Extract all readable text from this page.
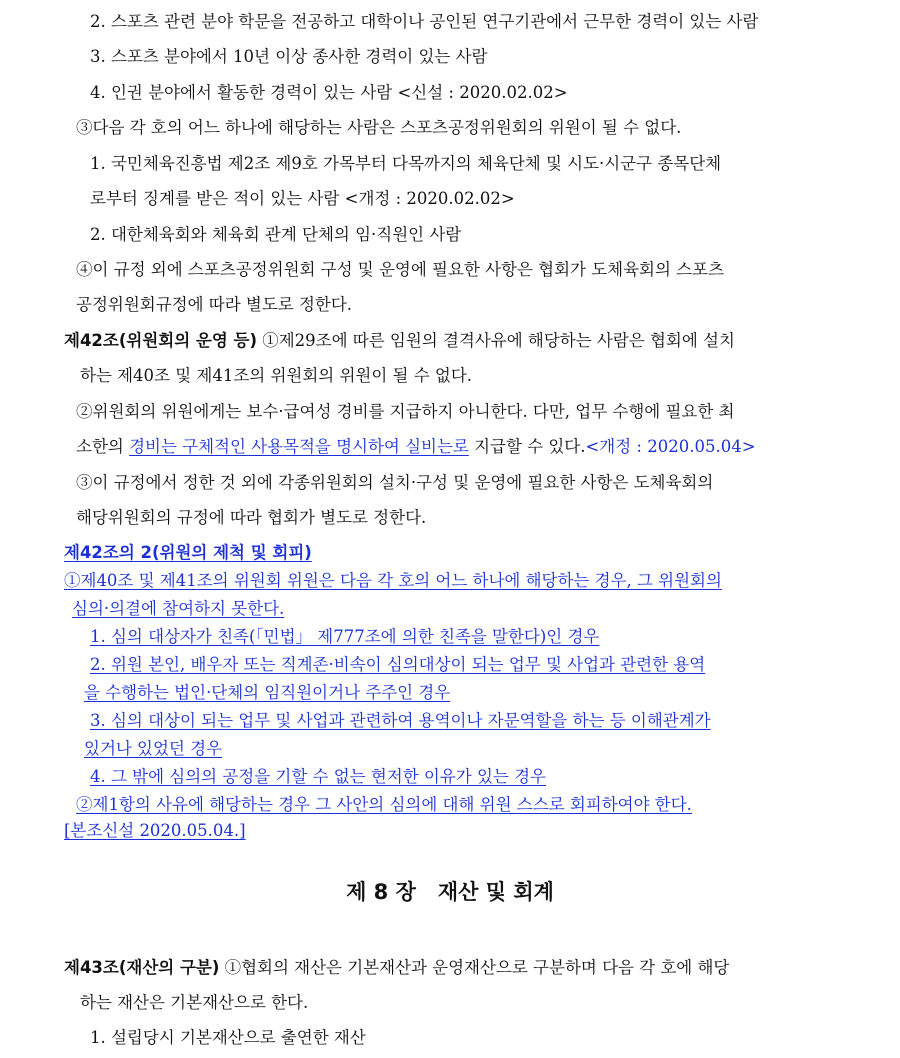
2. 스포츠 관련 분야 학문을 전공하고 대학이나 공인된 연구기관에서 근무한 경력이 있는 사람
3. 스포츠 분야에서 10년 이상 종사한 경력이 있는 사람
4. 인권 분야에서 활동한 경력이 있는 사람 <신설 : 2020.02.02>
③다음 각 호의 어느 하나에 해당하는 사람은 스포츠공정위원회의 위원이 될 수 없다.
1. 국민체육진흥법 제2조 제9호 가목부터 다목까지의 체육단체 및 시도·시군구 종목단체
로부터 징계를 받은 적이 있는 사람 <개정 : 2020.02.02>
2. 대한체육회와 체육회 관계 단체의 임·직원인 사람
④이 규정 외에 스포츠공정위원회 구성 및 운영에 필요한 사항은 협회가 도체육회의 스포츠
공정위원회규정에 따라 별도로 정한다.
제42조(위원회의 운영 등) ①제29조에 따른 임원의 결격사유에 해당하는 사람은 협회에 설치
하는 제40조 및 제41조의 위원회의 위원이 될 수 없다.
②위원회의 위원에게는 보수·급여성 경비를 지급하지 아니한다. 다만, 업무 수행에 필요한 최
소한의 경비는 구체적인 사용목적을 명시하여 실비는로 지급할 수 있다.<개정 : 2020.05.04>
③이 규정에서 정한 것 외에 각종위원회의 설치·구성 및 운영에 필요한 사항은 도체육회의
해당위원회의 규정에 따라 협회가 별도로 정한다.
제42조의 2(위원의 제척 및 회피)
①제40조 및 제41조의 위원회 위원은 다음 각 호의 어느 하나에 해당하는 경우, 그 위원회의
심의·의결에 참여하지 못한다.
1. 심의 대상자가 친족(「민법」 제777조에 의한 친족을 말한다)인 경우
2. 위원 본인, 배우자 또는 직계존·비속이 심의대상이 되는 업무 및 사업과 관련한 용역
을 수행하는 법인·단체의 임직원이거나 주주인 경우
3. 심의 대상이 되는 업무 및 사업과 관련하여 용역이나 자문역할을 하는 등 이해관계가
있거나 있었던 경우
4. 그 밖에 심의의 공정을 기할 수 없는 현저한 이유가 있는 경우
②제1항의 사유에 해당하는 경우 그 사안의 심의에 대해 위원 스스로 회피하여야 한다.
[본조신설 2020.05.04.]
제 8 장 재산 및 회계
제43조(재산의 구분) ①협회의 재산은 기본재산과 운영재산으로 구분하며 다음 각 호에 해당
하는 재산은 기본재산으로 한다.
1. 설립당시 기본재산으로 출연한 재산
